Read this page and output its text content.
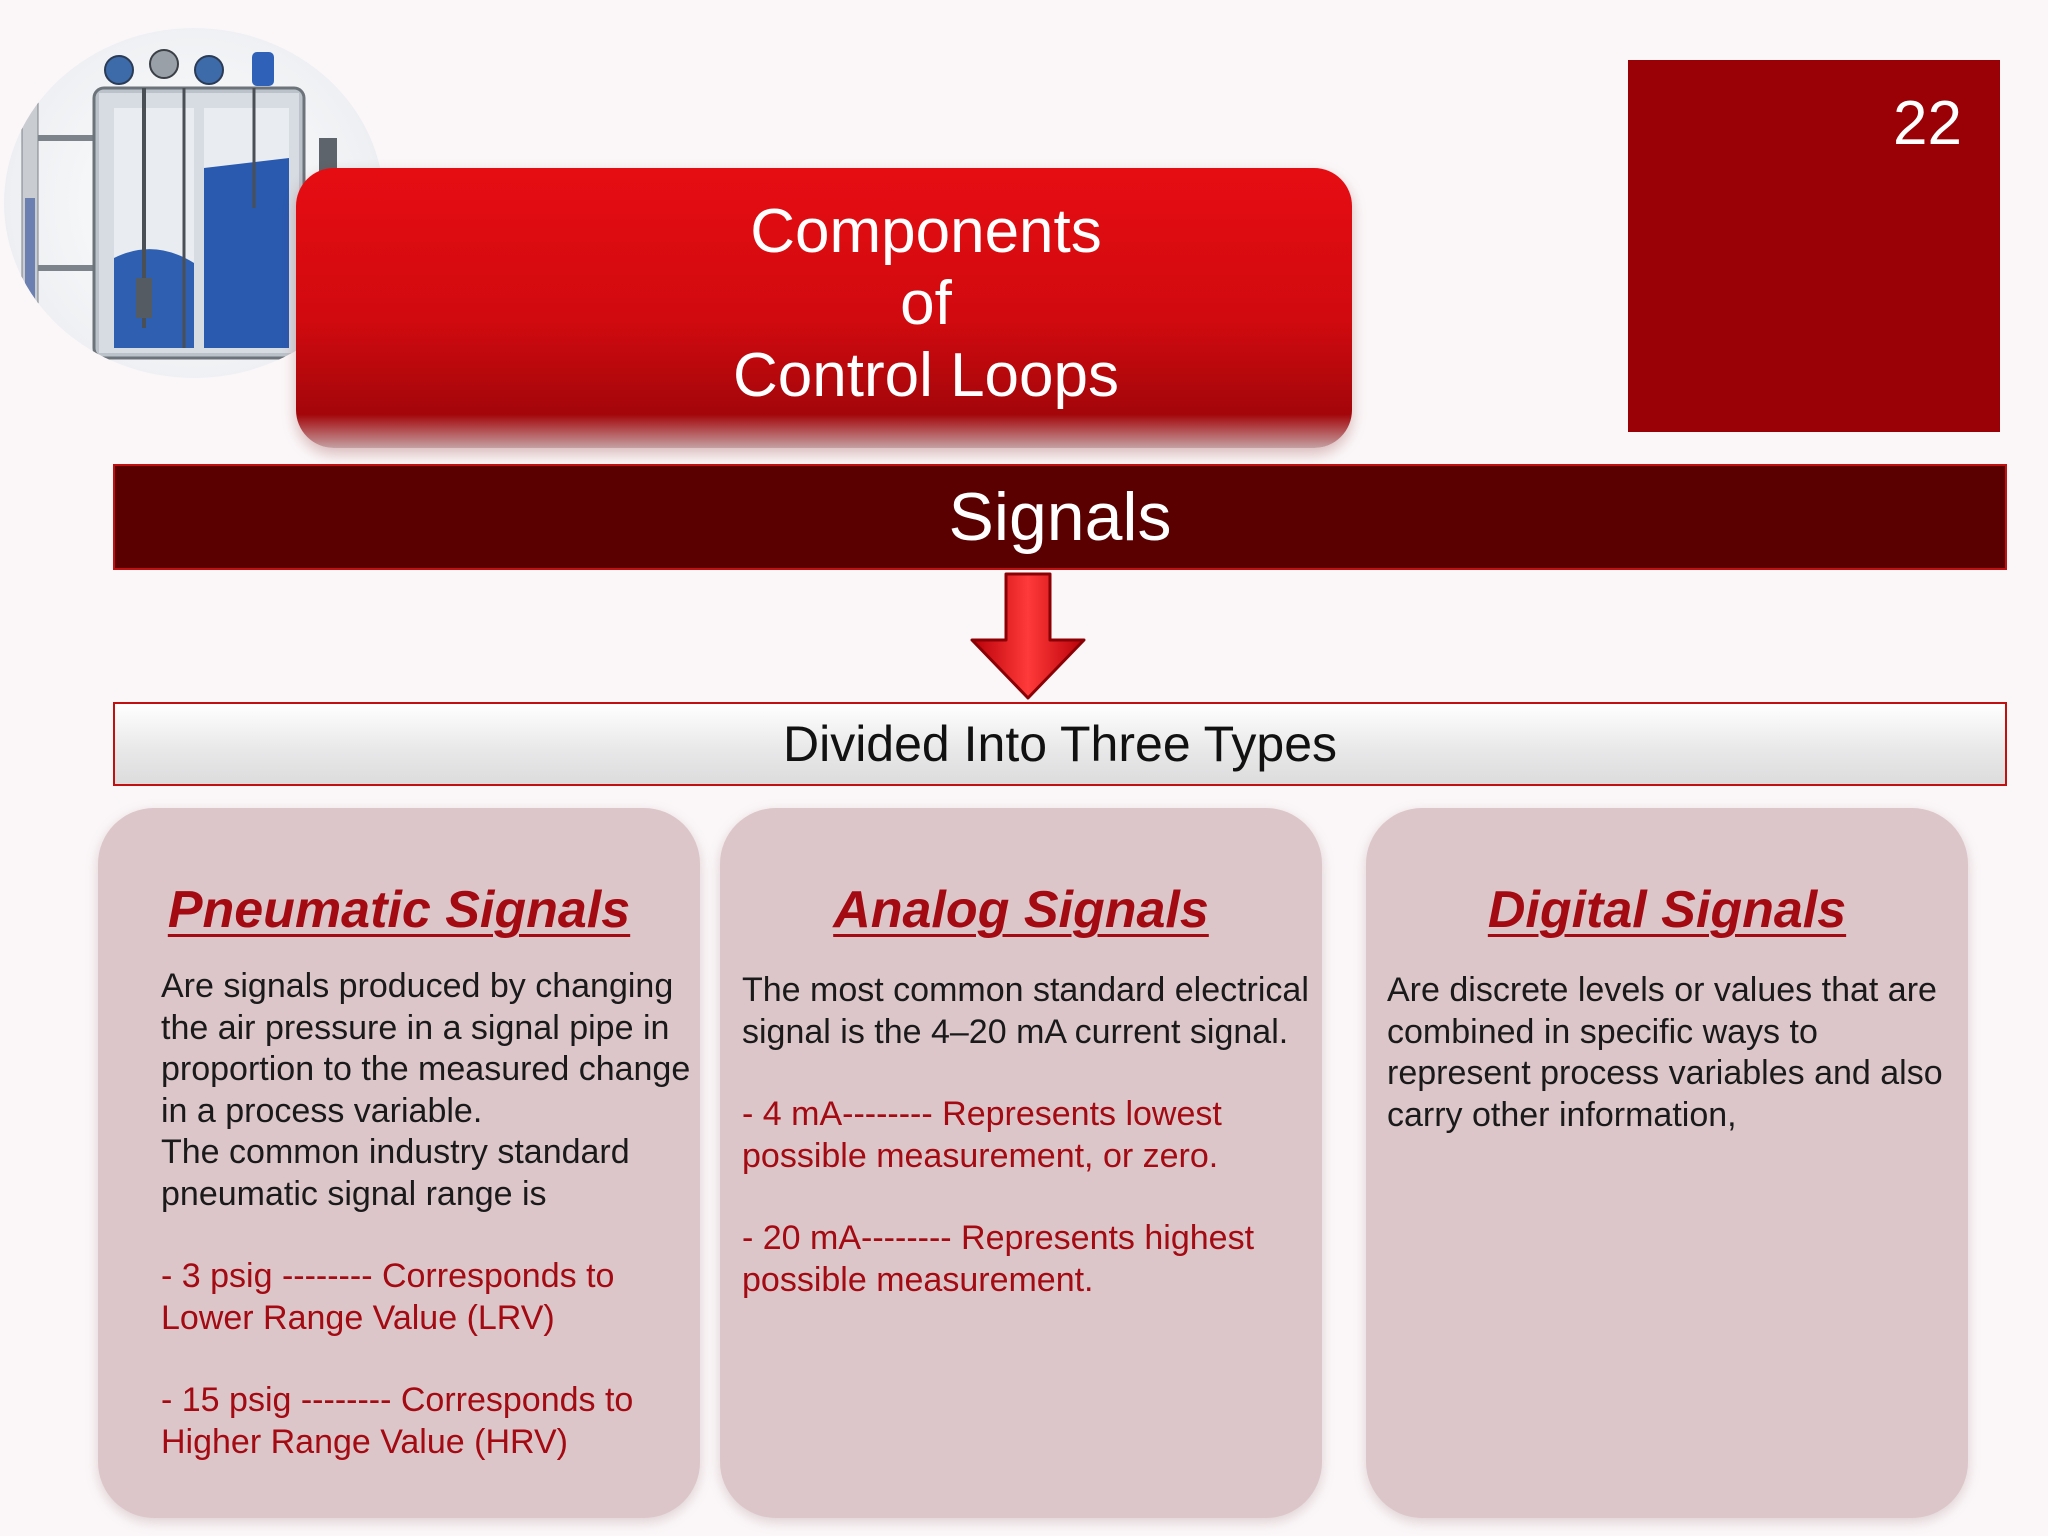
Components
of
Control Loops
22
Signals
Divided Into Three Types
Pneumatic Signals	Analog Signals	Digital Signals
Are signals produced by changing
the air pressure in a signal pipe in
proportion to the measured change
in a process variable.
The common industry standard
pneumatic signal range is
- 3 psig -------- Corresponds to
Lower Range Value (LRV)
- 15 psig -------- Corresponds to
Higher Range Value (HRV)
The most common standard electrical
signal is the 4–20 mA current signal.
- 4 mA-------- Represents lowest
possible measurement, or zero.
- 20 mA-------- Represents highest
possible measurement.
Are discrete levels or values that are
combined in specific ways to
represent process variables and also
carry other information,
